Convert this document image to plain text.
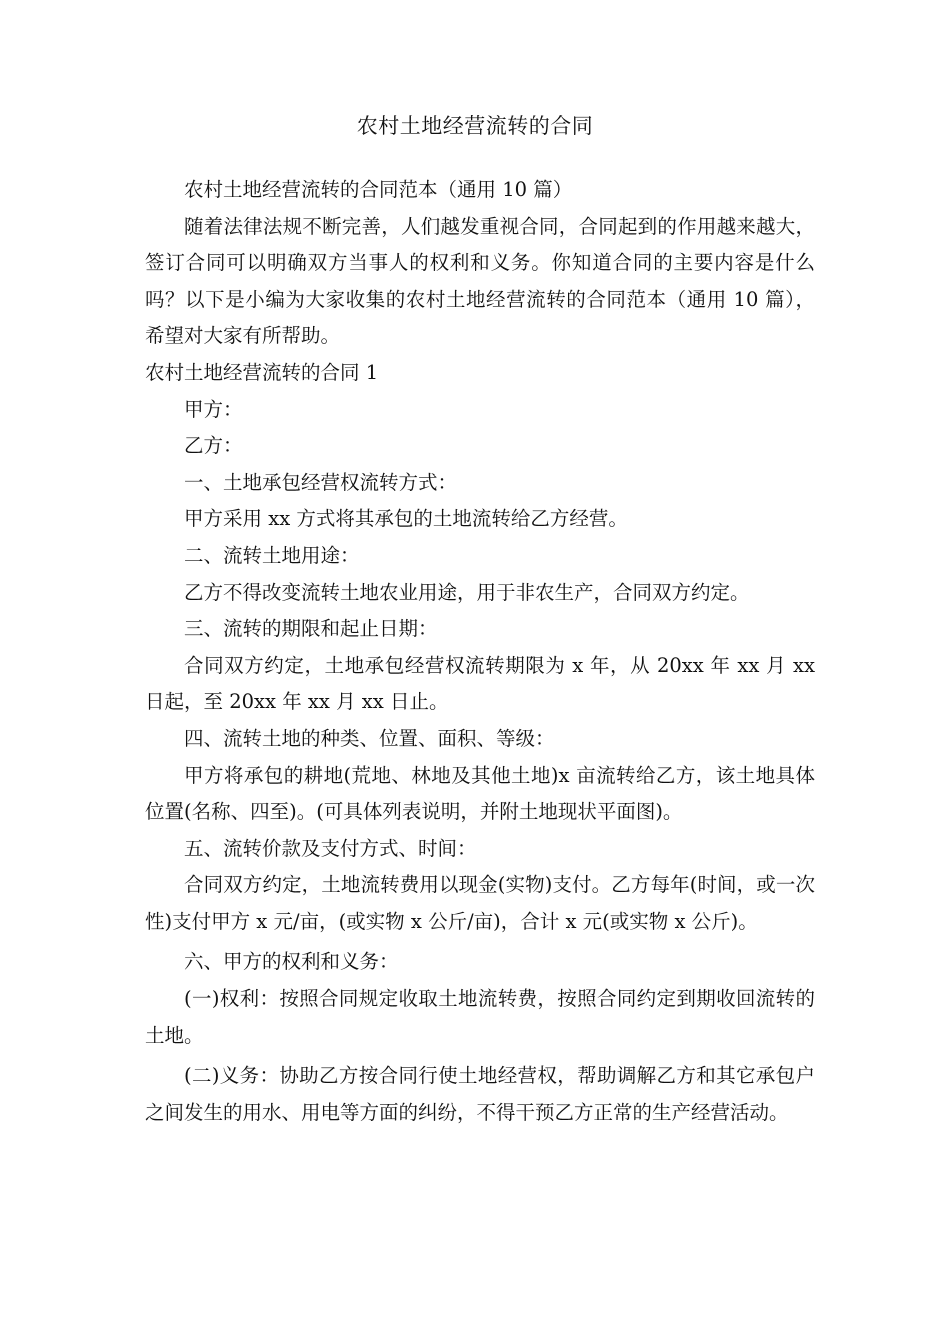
农村土地经营流转的合同

农村土地经营流转的合同范本（通用 10 篇）

随着法律法规不断完善，人们越发重视合同，合同起到的作用越来越大，签订合同可以明确双方当事人的权利和义务。你知道合同的主要内容是什么吗？以下是小编为大家收集的农村土地经营流转的合同范本（通用 10 篇），希望对大家有所帮助。

农村土地经营流转的合同 1

甲方：

乙方：

一、土地承包经营权流转方式：

甲方采用 xx 方式将其承包的土地流转给乙方经营。

二、流转土地用途：

乙方不得改变流转土地农业用途，用于非农生产，合同双方约定。

三、流转的期限和起止日期：

合同双方约定，土地承包经营权流转期限为 x 年，从 20xx 年 xx 月 xx 日起，至 20xx 年 xx 月 xx 日止。

四、流转土地的种类、位置、面积、等级：

甲方将承包的耕地(荒地、林地及其他土地)x 亩流转给乙方，该土地具体位置(名称、四至)。(可具体列表说明，并附土地现状平面图)。

五、流转价款及支付方式、时间：

合同双方约定，土地流转费用以现金(实物)支付。乙方每年(时间，或一次性)支付甲方 x 元/亩，(或实物 x 公斤/亩)，合计 x 元(或实物 x 公斤)。

六、甲方的权利和义务：

(一)权利：按照合同规定收取土地流转费，按照合同约定到期收回流转的土地。

(二)义务：协助乙方按合同行使土地经营权，帮助调解乙方和其它承包户之间发生的用水、用电等方面的纠纷，不得干预乙方正常的生产经营活动。
